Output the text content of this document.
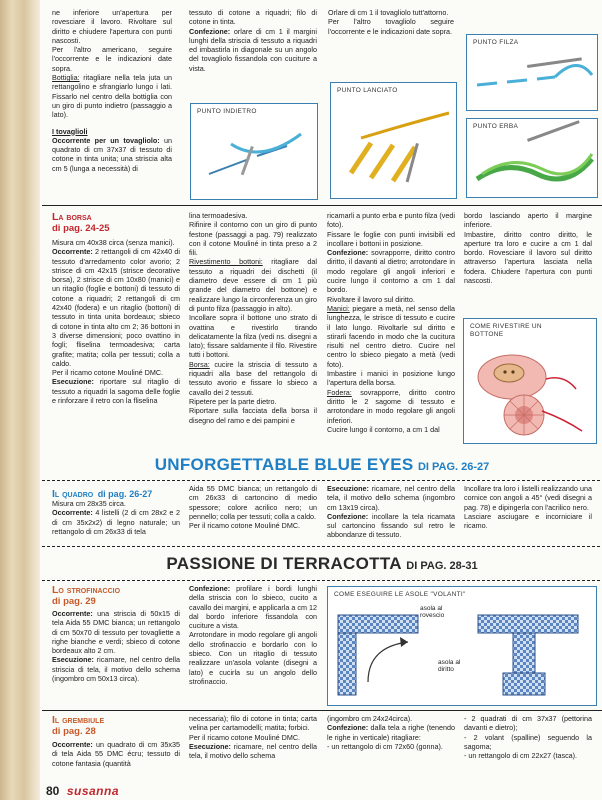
ne inferiore un'apertura per rovesciare il lavoro. Rivoltare sul diritto e chiudere l'apertura con punti nascosti.

Per l'altro americano, seguire l'occorrente e le indicazioni date sopra.

Bottiglia: ritagliare nella tela juta un rettangolino e sfrangiarlo lungo i lati. Fissarlo nel centro della bottiglia con un giro di punto indietro (passaggio a lato).

I tovaglioli

Occorrente per un tovagliolo: un quadrato di cm 37x37 di tessuto di cotone in tinta unita; una striscia alta cm 5 (lunga a necessità) di

tessuto di cotone a riquadri; filo di cotone in tinta.

Confezione: orlare di cm 1 il margini lunghi della striscia di tessuto a riquadri ed imbastirla in diagonale su un angolo del tovagliolo fissandola con cuciture a vista.

Orlare di cm 1 il tovagliolo tutt'attorno.

Per l'altro tovagliolo seguire l'occorrente e le indicazioni date sopra.

PUNTO INDIETRO
PUNTO LANCIATO
PUNTO FILZA
PUNTO ERBA
La borsa
di pag. 24-25

Misura cm 40x38 circa (senza manici).

Occorrente: 2 rettangoli di cm 42x40 di tessuto d'arredamento color avorio; 2 strisce di cm 42x15 (strisce decorative borsa), 2 strisce di cm 10x80 (manici) e un ritaglio (foglie e bottoni) di tessuto di cotone a riquadri; 2 rettangoli di cm 42x40 (fodera) e un ritaglio (bottoni) di tessuto in tinta unita bordeaux; sbieco di cotone in tinta alto cm 2; 36 bottoni in 3 diverse dimensioni; poco ovattino in fogli; fliselina termoadesiva; carta grafite; matita; colla per tessuti; colla a caldo.

Per il ricamo cotone Mouliné DMC.

Esecuzione: riportare sul ritaglio di tessuto a riquadri la sagoma delle foglie e rinforzare il retro con la fliselina

lina termoadesiva.

Rifinire il contorno con un giro di punto festone (passaggi a pag. 79) realizzato con il cotone Mouliné in tinta preso a 2 fili.

Rivestimento bottoni: ritagliare dal tessuto a riquadri dei dischetti (il diametro deve essere di cm 1 più grande del diametro del bottone) e realizzare lungo la circonferenza un giro di punto filza (passaggio in alto).

Incollare sopra il bottone uno strato di ovattina e rivestirlo tirando delicatamente la filza (vedi ns. disegni a lato); fissare saldamente il filo. Rivestire tutti i bottoni.

Borsa: cucire la striscia di tessuto a riquadri alla base del rettangolo di tessuto avorio e fissare lo sbieco a cavallo dei 2 tessuti.

Ripetere per la parte dietro.

Riportare sulla facciata della borsa il disegno del ramo e dei pampini e

ricamarli a punto erba e punto filza (vedi foto).

Fissare le foglie con punti invisibili ed incollare i bottoni in posizione.

Confezione: sovrapporre, diritto contro diritto, il davanti al dietro; arrotondare in modo regolare gli angoli inferiori e cucire lungo il contorno a cm 1 dal bordo.

Rivoltare il lavoro sul diritto.

Manici: piegare a metà, nel senso della lunghezza, le strisce di tessuto e cucire il lato lungo. Rivoltarle sul diritto e stirarli facendo in modo che la cucitura risulti nel centro dietro. Cucire nel centro lo sbieco piegato a metà (vedi foto).

Imbastire i manici in posizione lungo l'apertura della borsa.

Fodera: sovrapporre, diritto contro diritto le 2 sagome di tessuto e arrotondare in modo regolare gli angoli inferiori.

Cucire lungo il contorno, a cm 1 dal

bordo lasciando aperto il margine inferiore.

Imbastire, diritto contro diritto, le aperture tra loro e cucire a cm 1 dal bordo. Rovesciare il lavoro sul diritto attraverso l'apertura lasciata nella fodera. Chiudere l'apertura con punti nascosti.

COME RIVESTIRE UN BOTTONE
UNFORGETTABLE BLUE EYES DI PAG. 26-27
Il quadro di pag. 26-27

Misura cm 28x35 circa.

Occorrente: 4 listelli (2 di cm 28x2 e 2 di cm 35x2x2) di legno naturale; un rettangolo di cm 26x33 di tela

Aida 55 DMC bianca; un rettangolo di cm 26x33 di cartoncino di medio spessore; colore acrilico nero; un pennello; colla per tessuti; colla a caldo.

Per il ricamo cotone Mouliné DMC.

Esecuzione: ricamare, nel centro della tela, il motivo dello schema (ingombro cm 13x19 circa).

Confezione: incollare la tela ricamata sul cartoncino fissando sul retro le abbondanze di tessuto.

Incollare tra loro i listelli realizzando una cornice con angoli a 45° (vedi disegni a pag. 78) e dipingerla con l'acrilico nero.

Lasciare asciugare e incorniciare il ricamo.

PASSIONE DI TERRACOTTA DI PAG. 28-31
Lo strofinaccio
di pag. 29

Occorrente: una striscia di 50x15 di tela Aida 55 DMC bianca; un rettangolo di cm 50x70 di tessuto per tovagliette a righe bianche e verdi; sbieco di cotone bordeaux alto 2 cm.

Esecuzione: ricamare, nel centro della striscia di tela, il motivo dello schema (ingombro cm 50x13 circa).

Confezione: profilare i bordi lunghi della striscia con lo sbieco, cucito a cavallo dei margini, e applicarla a cm 12 dal bordo inferiore fissandola con cuciture a vista.

Arrotondare in modo regolare gli angoli dello strofinaccio e bordarlo con lo sbieco. Con un ritaglio di tessuto realizzare un'asola volante (disegni a lato) e cucirla su un angolo dello strofinaccio.

COME ESEGUIRE LE ASOLE "VOLANTI"
asola al rovescio
asola al diritto
Il grembiule
di pag. 28

Occorrente: un quadrato di cm 35x35 di tela Aida 55 DMC écru; tessuto di cotone fantasia (quantità

necessaria); filo di cotone in tinta; carta velina per cartamodelli; matita; forbici.

Per il ricamo cotone Mouliné DMC.

Esecuzione: ricamare, nel centro della tela, il motivo dello schema

(ingombro cm 24x24circa).

Confezione: dalla tela a righe (tenendo le righe in verticale) ritagliare:

- un rettangolo di cm 72x60 (gonna).

- 2 quadrati di cm 37x37 (pettorina davanti e dietro);

- 2 volant (spalline) seguendo la sagoma;

- un rettangolo di cm 22x27 (tasca).

80 susanna
